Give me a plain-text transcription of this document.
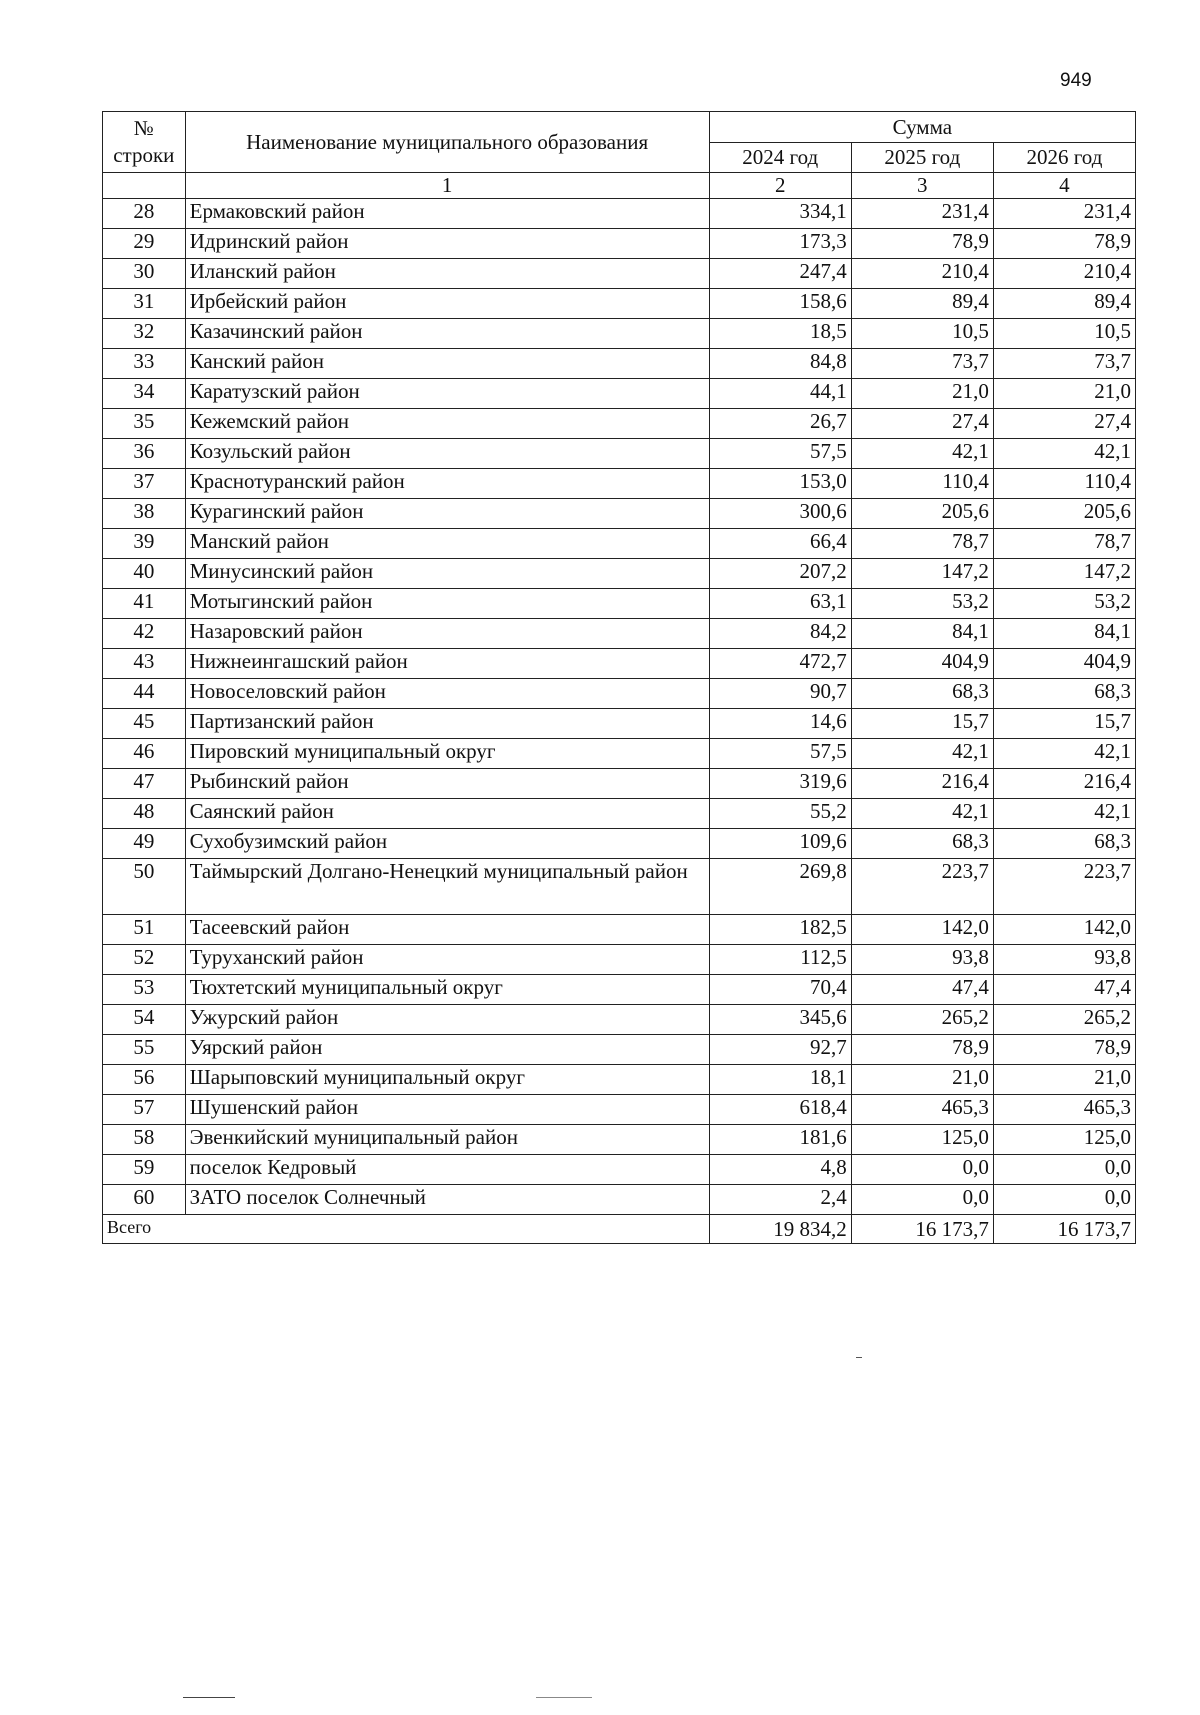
949
№
строки	Наименование муниципального образования	Сумма		
		2024 год	2025 год	2026 год
	1	2	3	4
28	Ермаковский район	334,1	231,4	231,4
29	Идринский район	173,3	78,9	78,9
30	Иланский район	247,4	210,4	210,4
31	Ирбейский район	158,6	89,4	89,4
32	Казачинский район	18,5	10,5	10,5
33	Канский район	84,8	73,7	73,7
34	Каратузский район	44,1	21,0	21,0
35	Кежемский район	26,7	27,4	27,4
36	Козульский район	57,5	42,1	42,1
37	Краснотуранский район	153,0	110,4	110,4
38	Курагинский район	300,6	205,6	205,6
39	Манский район	66,4	78,7	78,7
40	Минусинский район	207,2	147,2	147,2
41	Мотыгинский район	63,1	53,2	53,2
42	Назаровский район	84,2	84,1	84,1
43	Нижнеингашский район	472,7	404,9	404,9
44	Новоселовский район	90,7	68,3	68,3
45	Партизанский район	14,6	15,7	15,7
46	Пировский муниципальный округ	57,5	42,1	42,1
47	Рыбинский район	319,6	216,4	216,4
48	Саянский район	55,2	42,1	42,1
49	Сухобузимский район	109,6	68,3	68,3
50	Таймырский Долгано-Ненецкий муниципальный район	269,8	223,7	223,7
51	Тасеевский район	182,5	142,0	142,0
52	Туруханский район	112,5	93,8	93,8
53	Тюхтетский муниципальный округ	70,4	47,4	47,4
54	Ужурский район	345,6	265,2	265,2
55	Уярский район	92,7	78,9	78,9
56	Шарыповский муниципальный округ	18,1	21,0	21,0
57	Шушенский район	618,4	465,3	465,3
58	Эвенкийский муниципальный район	181,6	125,0	125,0
59	поселок Кедровый	4,8	0,0	0,0
60	ЗАТО поселок Солнечный	2,4	0,0	0,0
Всего		19 834,2	16 173,7	16 173,7
